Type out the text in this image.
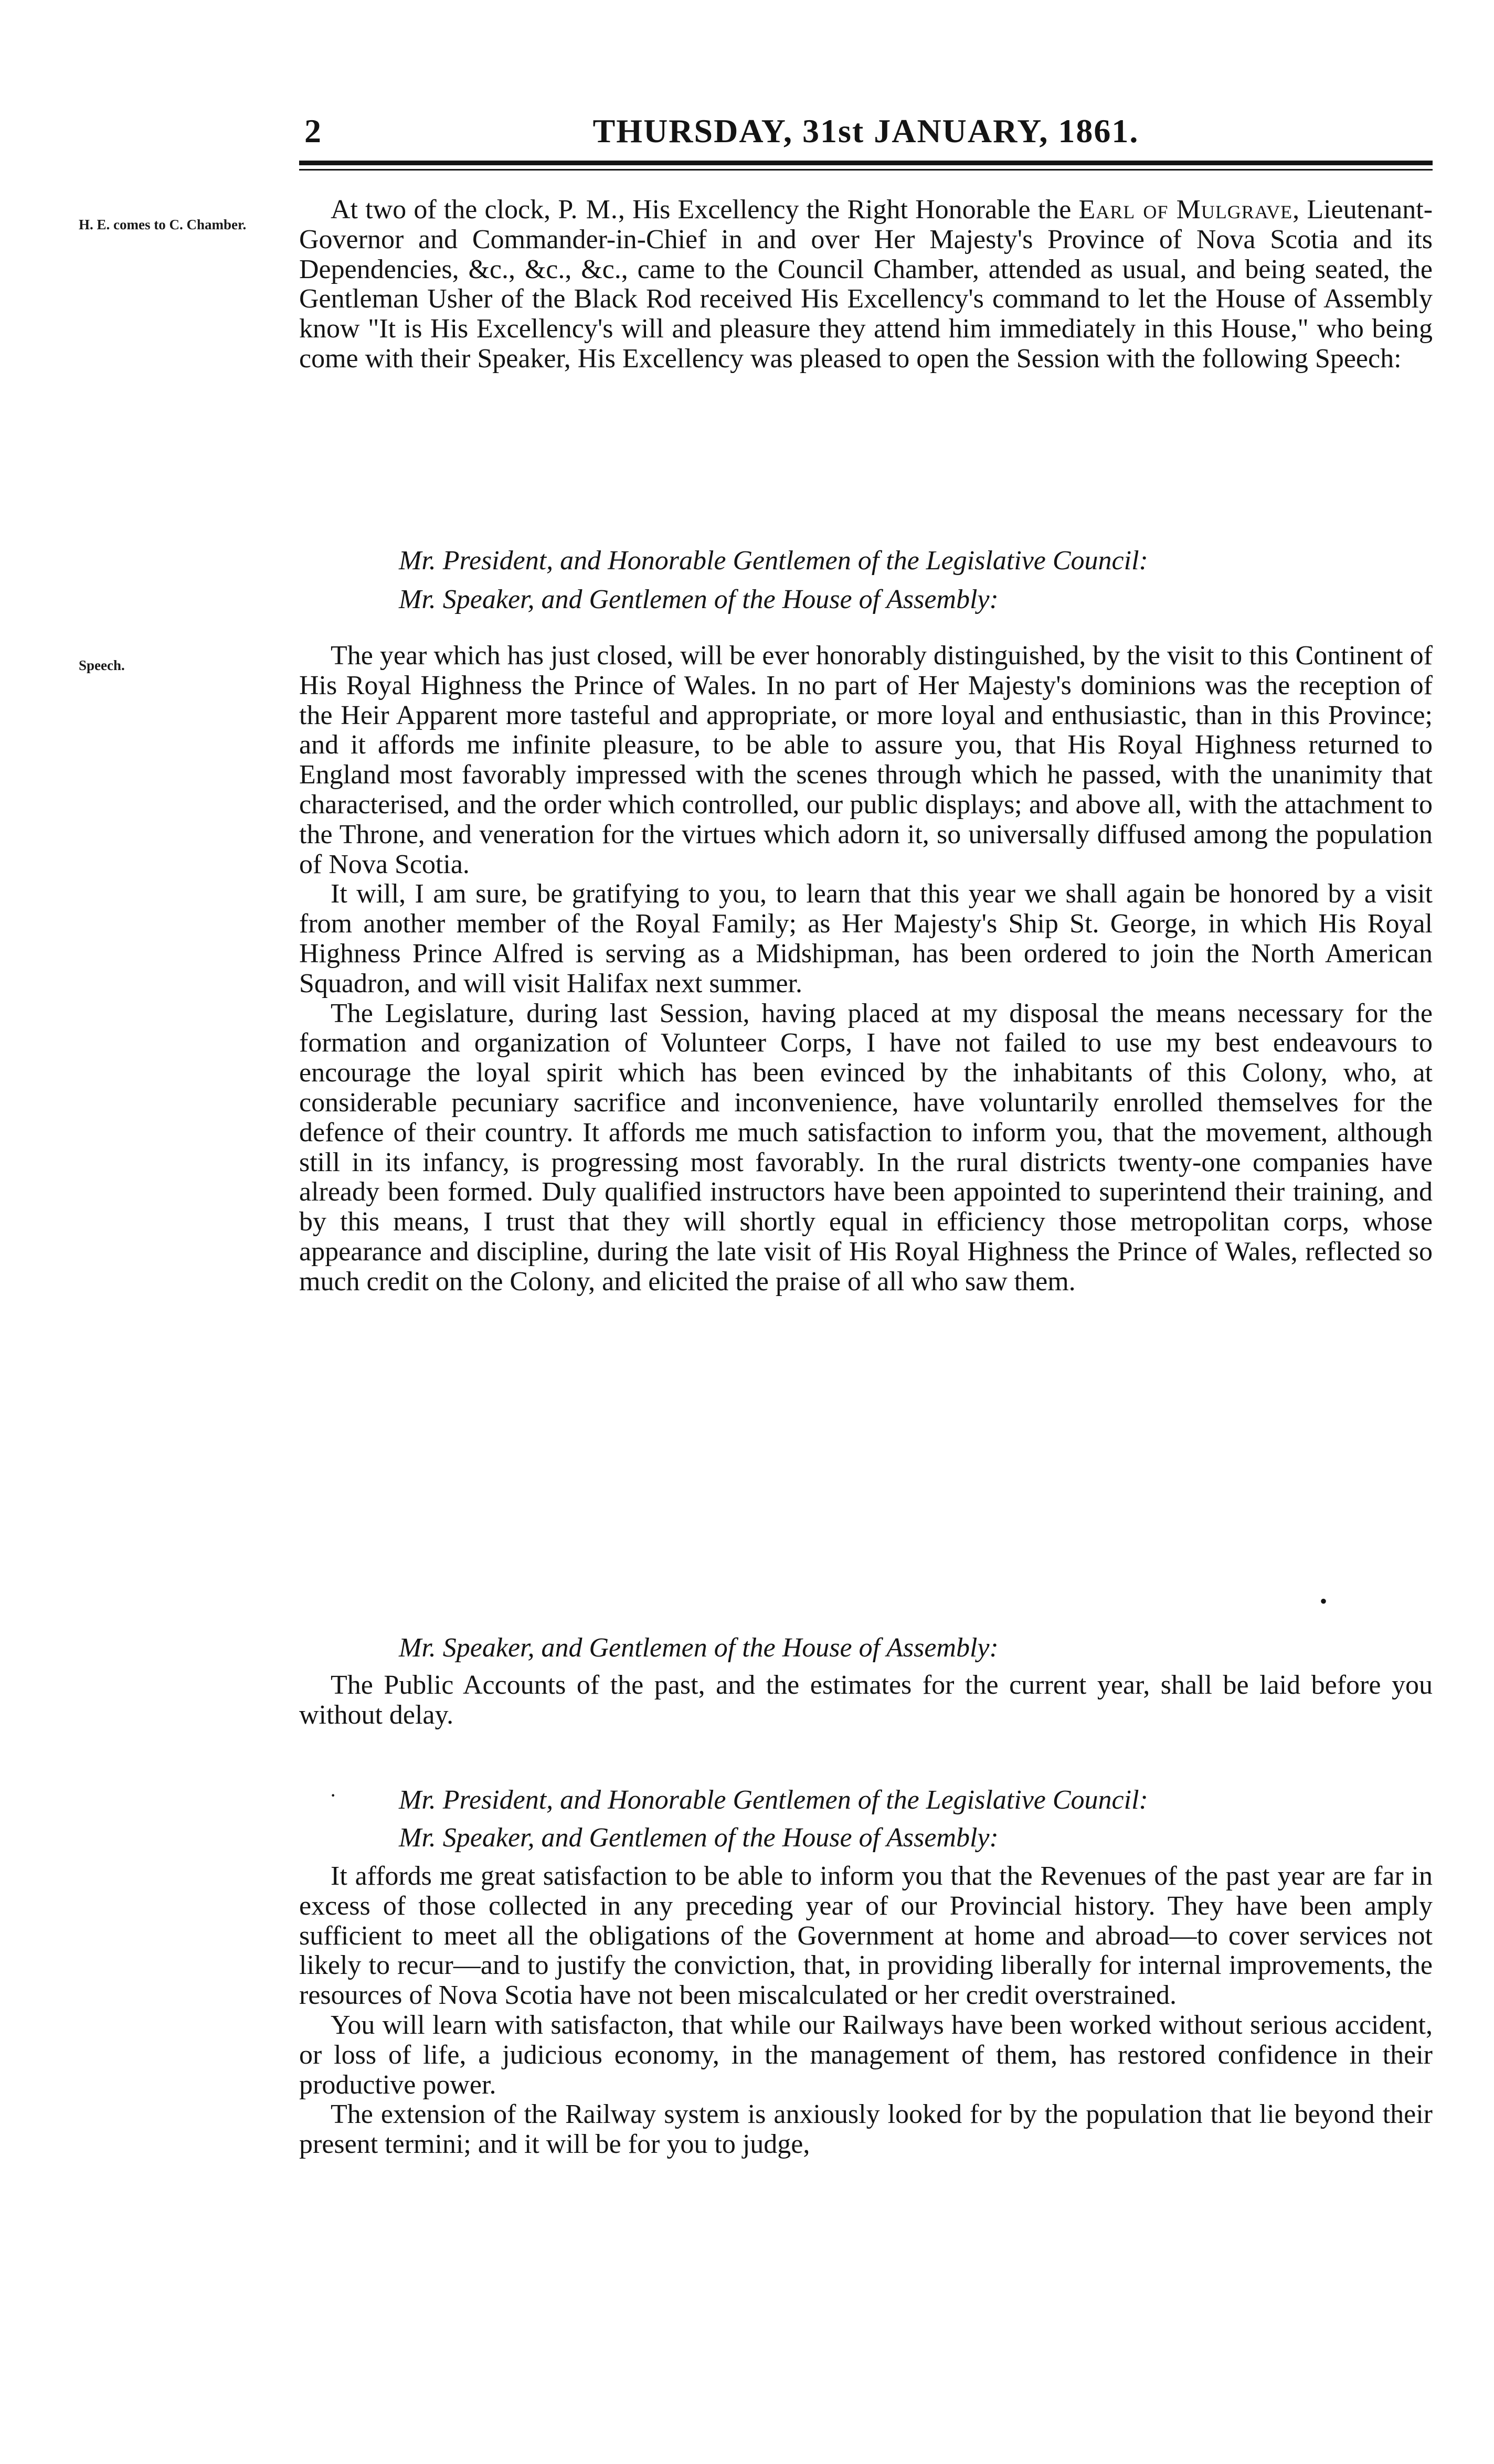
2	THURSDAY, 31st JANUARY, 1861.
H. E. comes to C. Chamber.
Speech.

At two of the clock, P. M., His Excellency the Right Honorable the Earl of Mulgrave, Lieutenant-Governor and Commander-in-Chief in and over Her Majesty's Province of Nova Scotia and its Dependencies, &c., &c., &c., came to the Council Chamber, attended as usual, and being seated, the Gentleman Usher of the Black Rod received His Excellency's command to let the House of Assembly know "It is His Excellency's will and pleasure they attend him immediately in this House," who being come with their Speaker, His Excellency was pleased to open the Session with the following Speech:

Mr. President, and Honorable Gentlemen of the Legislative Council:
Mr. Speaker, and Gentlemen of the House of Assembly:

The year which has just closed, will be ever honorably distinguished, by the visit to this Continent of His Royal Highness the Prince of Wales. In no part of Her Majesty's dominions was the reception of the Heir Apparent more tasteful and appropriate, or more loyal and enthusiastic, than in this Province; and it affords me infinite pleasure, to be able to assure you, that His Royal Highness returned to England most favorably impressed with the scenes through which he passed, with the unanimity that characterised, and the order which controlled, our public displays; and above all, with the attachment to the Throne, and veneration for the virtues which adorn it, so universally diffused among the population of Nova Scotia.

It will, I am sure, be gratifying to you, to learn that this year we shall again be honored by a visit from another member of the Royal Family; as Her Majesty's Ship St. George, in which His Royal Highness Prince Alfred is serving as a Midshipman, has been ordered to join the North American Squadron, and will visit Halifax next summer.

The Legislature, during last Session, having placed at my disposal the means necessary for the formation and organization of Volunteer Corps, I have not failed to use my best endeavours to encourage the loyal spirit which has been evinced by the inhabitants of this Colony, who, at considerable pecuniary sacrifice and inconvenience, have voluntarily enrolled themselves for the defence of their country. It affords me much satisfaction to inform you, that the movement, although still in its infancy, is progressing most favorably. In the rural districts twenty-one companies have already been formed. Duly qualified instructors have been appointed to superintend their training, and by this means, I trust that they will shortly equal in efficiency those metropolitan corps, whose appearance and discipline, during the late visit of His Royal Highness the Prince of Wales, reflected so much credit on the Colony, and elicited the praise of all who saw them.

•
Mr. Speaker, and Gentlemen of the House of Assembly:

The Public Accounts of the past, and the estimates for the current year, shall be laid before you without delay.

· Mr. President, and Honorable Gentlemen of the Legislative Council:
Mr. Speaker, and Gentlemen of the House of Assembly:

It affords me great satisfaction to be able to inform you that the Revenues of the past year are far in excess of those collected in any preceding year of our Provincial history. They have been amply sufficient to meet all the obligations of the Government at home and abroad—to cover services not likely to recur—and to justify the conviction, that, in providing liberally for internal improvements, the resources of Nova Scotia have not been miscalculated or her credit overstrained.

You will learn with satisfacton, that while our Railways have been worked without serious accident, or loss of life, a judicious economy, in the management of them, has restored confidence in their productive power.

The extension of the Railway system is anxiously looked for by the population that lie beyond their present termini; and it will be for you to judge,
